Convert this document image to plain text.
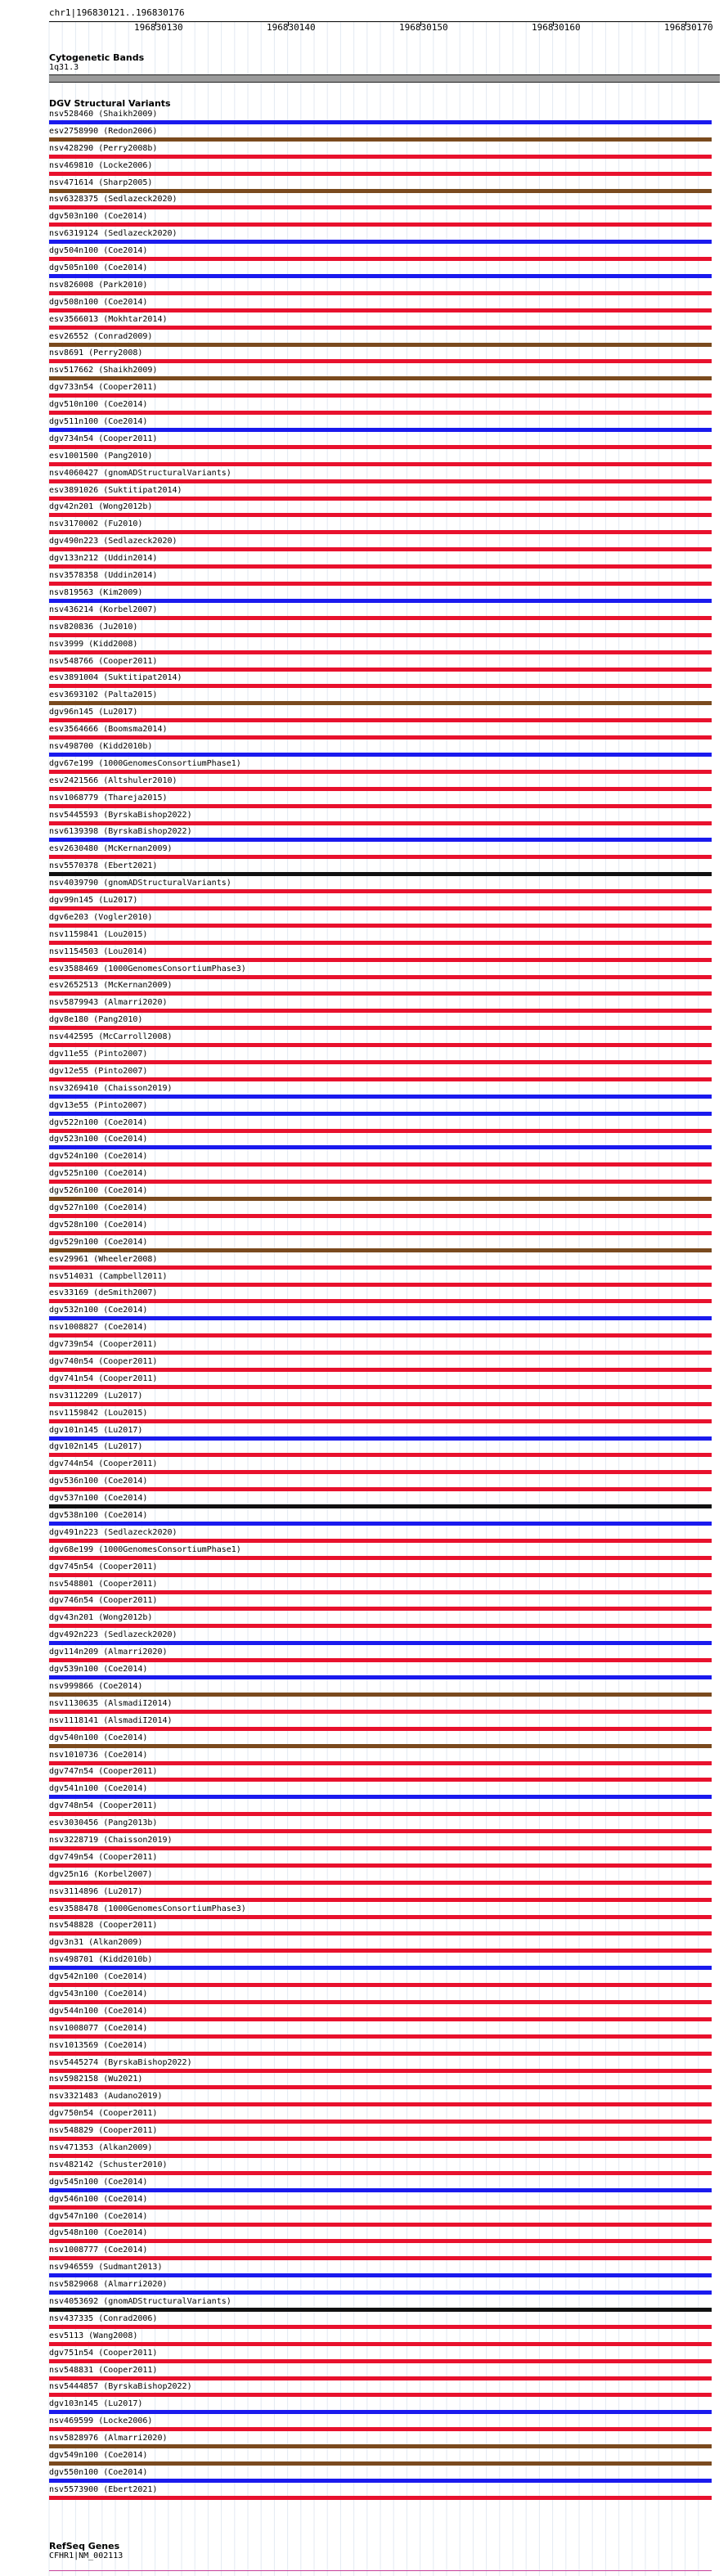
chr1|196830121..196830176
196830130	196830140	196830150	196830160	196830170
Cytogenetic Bands
1q31.3
DGV Structural Variants
nsv528460 (Shaikh2009)
esv2758990 (Redon2006)
nsv428290 (Perry2008b)
nsv469810 (Locke2006)
nsv471614 (Sharp2005)
nsv6328375 (Sedlazeck2020)
dgv503n100 (Coe2014)
nsv6319124 (Sedlazeck2020)
dgv504n100 (Coe2014)
dgv505n100 (Coe2014)
nsv826008 (Park2010)
dgv508n100 (Coe2014)
esv3566013 (Mokhtar2014)
esv26552 (Conrad2009)
nsv8691 (Perry2008)
nsv517662 (Shaikh2009)
dgv733n54 (Cooper2011)
dgv510n100 (Coe2014)
dgv511n100 (Coe2014)
dgv734n54 (Cooper2011)
esv1001500 (Pang2010)
nsv4060427 (gnomADStructuralVariants)
esv3891026 (Suktitipat2014)
dgv42n201 (Wong2012b)
nsv3170002 (Fu2010)
dgv490n223 (Sedlazeck2020)
dgv133n212 (Uddin2014)
nsv3578358 (Uddin2014)
nsv819563 (Kim2009)
nsv436214 (Korbel2007)
nsv820836 (Ju2010)
nsv3999 (Kidd2008)
nsv548766 (Cooper2011)
esv3891004 (Suktitipat2014)
esv3693102 (Palta2015)
dgv96n145 (Lu2017)
esv3564666 (Boomsma2014)
nsv498700 (Kidd2010b)
dgv67e199 (1000GenomesConsortiumPhase1)
esv2421566 (Altshuler2010)
nsv1068779 (Thareja2015)
nsv5445593 (ByrskaBishop2022)
nsv6139398 (ByrskaBishop2022)
esv2630480 (McKernan2009)
nsv5570378 (Ebert2021)
nsv4039790 (gnomADStructuralVariants)
dgv99n145 (Lu2017)
dgv6e203 (Vogler2010)
nsv1159841 (Lou2015)
nsv1154503 (Lou2014)
esv3588469 (1000GenomesConsortiumPhase3)
esv2652513 (McKernan2009)
nsv5879943 (Almarri2020)
dgv8e180 (Pang2010)
nsv442595 (McCarroll2008)
dgv11e55 (Pinto2007)
dgv12e55 (Pinto2007)
nsv3269410 (Chaisson2019)
dgv13e55 (Pinto2007)
dgv522n100 (Coe2014)
dgv523n100 (Coe2014)
dgv524n100 (Coe2014)
dgv525n100 (Coe2014)
dgv526n100 (Coe2014)
dgv527n100 (Coe2014)
dgv528n100 (Coe2014)
dgv529n100 (Coe2014)
esv29961 (Wheeler2008)
nsv514031 (Campbell2011)
esv33169 (deSmith2007)
dgv532n100 (Coe2014)
nsv1008827 (Coe2014)
dgv739n54 (Cooper2011)
dgv740n54 (Cooper2011)
dgv741n54 (Cooper2011)
nsv3112209 (Lu2017)
nsv1159842 (Lou2015)
dgv101n145 (Lu2017)
dgv102n145 (Lu2017)
dgv744n54 (Cooper2011)
dgv536n100 (Coe2014)
dgv537n100 (Coe2014)
dgv538n100 (Coe2014)
dgv491n223 (Sedlazeck2020)
dgv68e199 (1000GenomesConsortiumPhase1)
dgv745n54 (Cooper2011)
nsv548801 (Cooper2011)
dgv746n54 (Cooper2011)
dgv43n201 (Wong2012b)
dgv492n223 (Sedlazeck2020)
dgv114n209 (Almarri2020)
dgv539n100 (Coe2014)
nsv999866 (Coe2014)
nsv1130635 (AlsmadiI2014)
nsv1118141 (AlsmadiI2014)
dgv540n100 (Coe2014)
nsv1010736 (Coe2014)
dgv747n54 (Cooper2011)
dgv541n100 (Coe2014)
dgv748n54 (Cooper2011)
esv3030456 (Pang2013b)
nsv3228719 (Chaisson2019)
dgv749n54 (Cooper2011)
dgv25n16 (Korbel2007)
nsv3114896 (Lu2017)
esv3588478 (1000GenomesConsortiumPhase3)
nsv548828 (Cooper2011)
dgv3n31 (Alkan2009)
nsv498701 (Kidd2010b)
dgv542n100 (Coe2014)
dgv543n100 (Coe2014)
dgv544n100 (Coe2014)
nsv1008077 (Coe2014)
nsv1013569 (Coe2014)
nsv5445274 (ByrskaBishop2022)
nsv5982158 (Wu2021)
nsv3321483 (Audano2019)
dgv750n54 (Cooper2011)
nsv548829 (Cooper2011)
nsv471353 (Alkan2009)
nsv482142 (Schuster2010)
dgv545n100 (Coe2014)
dgv546n100 (Coe2014)
dgv547n100 (Coe2014)
dgv548n100 (Coe2014)
nsv1008777 (Coe2014)
nsv946559 (Sudmant2013)
nsv5829068 (Almarri2020)
nsv4053692 (gnomADStructuralVariants)
nsv437335 (Conrad2006)
esv5113 (Wang2008)
dgv751n54 (Cooper2011)
nsv548831 (Cooper2011)
nsv5444857 (ByrskaBishop2022)
dgv103n145 (Lu2017)
nsv469599 (Locke2006)
nsv5828976 (Almarri2020)
dgv549n100 (Coe2014)
dgv550n100 (Coe2014)
nsv5573900 (Ebert2021)
RefSeq Genes
CFHR1|NM_002113
